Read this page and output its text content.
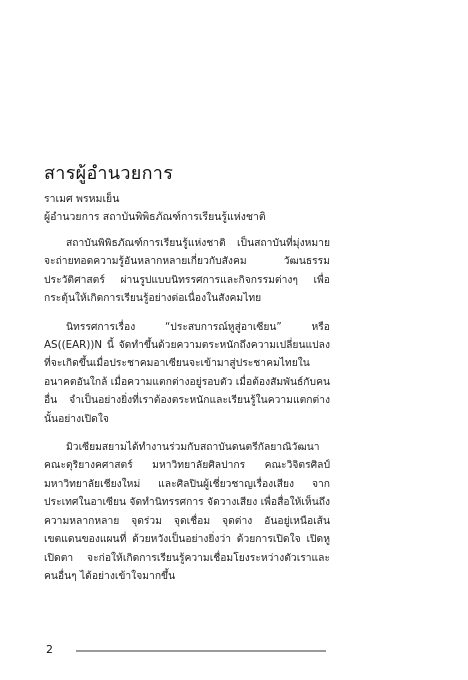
สารผู้อำนวยการ
ราเมศ พรหมเย็น
ผู้อำนวยการ สถาบันพิพิธภัณฑ์การเรียนรู้แห่งชาติ

สถาบันพิพิธภัณฑ์การเรียนรู้แห่งชาติ เป็นสถาบันที่มุ่งหมายจะถ่ายทอดความรู้อันหลากหลายเกี่ยวกับสังคม วัฒนธรรม ประวัติศาสตร์ ผ่านรูปแบบนิทรรศการและกิจกรรมต่างๆ เพื่อกระตุ้นให้เกิดการเรียนรู้อย่างต่อเนื่องในสังคมไทย

นิทรรศการเรื่อง “ประสบการณ์หูสู่อาเซียน” หรือ AS((EAR))N นี้ จัดทำขึ้นด้วยความตระหนักถึงความเปลี่ยนแปลงที่จะเกิดขึ้นเมื่อประชาคมอาเซียนจะเข้ามาสู่ประชาคมไทยในอนาคตอันใกล้ เมื่อความแตกต่างอยู่รอบตัว เมื่อต้องสัมพันธ์กับคนอื่น จำเป็นอย่างยิ่งที่เราต้องตระหนักและเรียนรู้ในความแตกต่างนั้นอย่างเปิดใจ

มิวเซียมสยามได้ทำงานร่วมกับสถาบันดนตรีกัลยาณิวัฒนา คณะดุริยางคศาสตร์ มหาวิทยาลัยศิลปากร คณะวิจิตรศิลป์ มหาวิทยาลัยเชียงใหม่ และศิลปินผู้เชี่ยวชาญเรื่องเสียง จากประเทศในอาเซียน จัดทำนิทรรศการ จัดวางเสียง เพื่อสื่อให้เห็นถึงความหลากหลาย จุดร่วม จุดเชื่อม จุดต่าง อันอยู่เหนือเส้นเขตแดนของแผนที่ ด้วยหวังเป็นอย่างยิ่งว่า ด้วยการเปิดใจ เปิดหู เปิดตา จะก่อให้เกิดการเรียนรู้ความเชื่อมโยงระหว่างตัวเราและคนอื่นๆ ได้อย่างเข้าใจมากขึ้น

2
